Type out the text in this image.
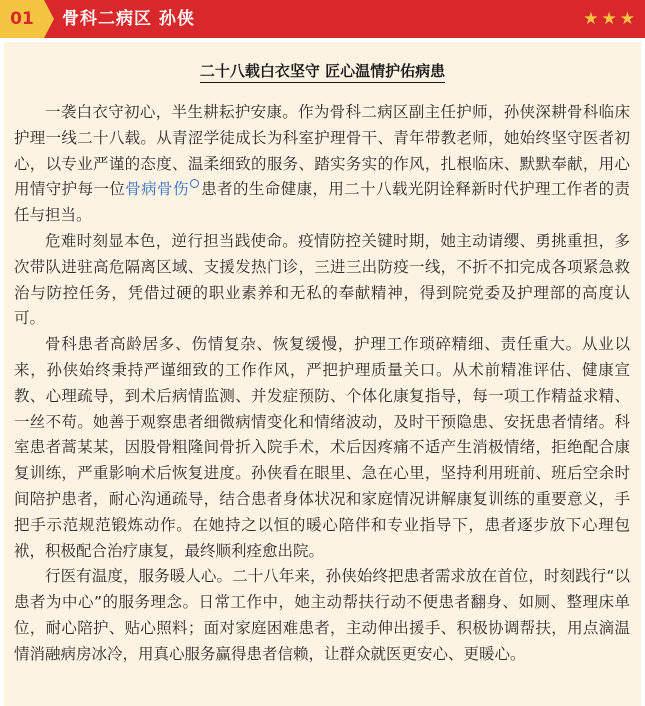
01	骨科二病区 孙侠	★ ★ ★
二十八载白衣坚守 匠心温情护佑病患

一袭白衣守初心，半生耕耘护安康。作为骨科二病区副主任护师，孙侠深耕骨科临床护理一线二十八载。从青涩学徒成长为科室护理骨干、青年带教老师，她始终坚守医者初心，以专业严谨的态度、温柔细致的服务、踏实务实的作风，扎根临床、默默奉献，用心用情守护每一位骨病骨伤 患者的生命健康，用二十八载光阴诠释新时代护理工作者的责任与担当。

危难时刻显本色，逆行担当践使命。疫情防控关键时期，她主动请缨、勇挑重担，多次带队进驻高危隔离区域、支援发热门诊，三进三出防疫一线，不折不扣完成各项紧急救治与防控任务，凭借过硬的职业素养和无私的奉献精神，得到院党委及护理部的高度认可。

骨科患者高龄居多、伤情复杂、恢复缓慢，护理工作琐碎精细、责任重大。从业以来，孙侠始终秉持严谨细致的工作作风，严把护理质量关口。从术前精准评估、健康宣教、心理疏导，到术后病情监测、并发症预防、个体化康复指导，每一项工作精益求精、一丝不苟。她善于观察患者细微病情变化和情绪波动，及时干预隐患、安抚患者情绪。科室患者蒿某某，因股骨粗隆间骨折入院手术，术后因疼痛不适产生消极情绪，拒绝配合康复训练，严重影响术后恢复进度。孙侠看在眼里、急在心里，坚持利用班前、班后空余时间陪护患者，耐心沟通疏导，结合患者身体状况和家庭情况讲解康复训练的重要意义，手把手示范规范锻炼动作。在她持之以恒的暖心陪伴和专业指导下，患者逐步放下心理包袱，积极配合治疗康复，最终顺利痊愈出院。

行医有温度，服务暖人心。二十八年来，孙侠始终把患者需求放在首位，时刻践行“以患者为中心”的服务理念。日常工作中，她主动帮扶行动不便患者翻身、如厕、整理床单位，耐心陪护、贴心照料；面对家庭困难患者，主动伸出援手、积极协调帮扶，用点滴温情消融病房冰冷，用真心服务赢得患者信赖，让群众就医更安心、更暖心。
